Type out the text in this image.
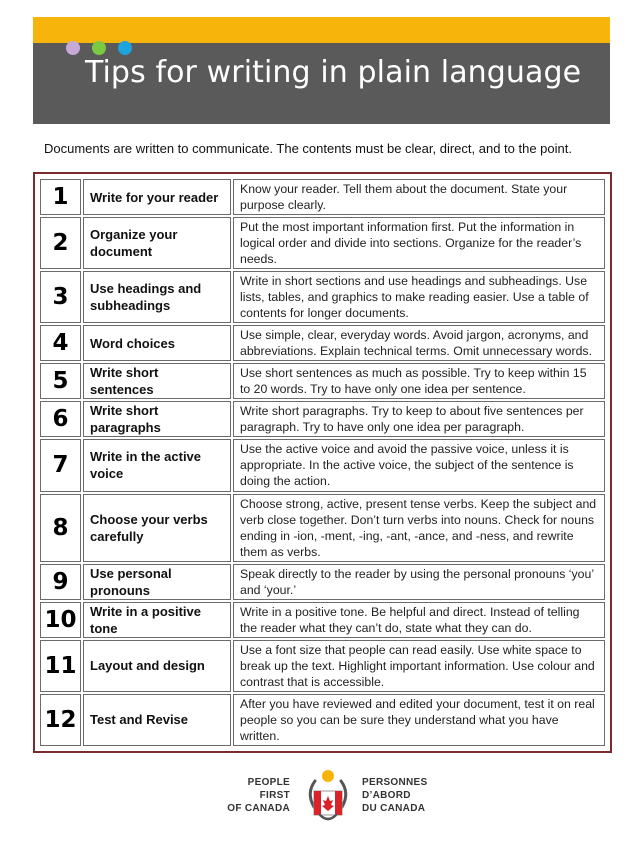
Tips for writing in plain language
Documents are written to communicate. The contents must be clear, direct, and to the point.
1	Write for your reader	Know your reader. Tell them about the document. State your purpose clearly.
2	Organize your document	Put the most important information first. Put the information in logical order and divide into sections. Organize for the reader’s needs.
3	Use headings and subheadings	Write in short sections and use headings and subheadings. Use lists, tables, and graphics to make reading easier. Use a table of contents for longer documents.
4	Word choices	Use simple, clear, everyday words. Avoid jargon, acronyms, and abbreviations. Explain technical terms. Omit unnecessary words.
5	Write short sentences	Use short sentences as much as possible. Try to keep within 15 to 20 words. Try to have only one idea per sentence.
6	Write short paragraphs	Write short paragraphs. Try to keep to about five sentences per paragraph. Try to have only one idea per paragraph.
7	Write in the active voice	Use the active voice and avoid the passive voice, unless it is appropriate. In the active voice, the subject of the sentence is doing the action.
8	Choose your verbs carefully	Choose strong, active, present tense verbs. Keep the subject and verb close together. Don’t turn verbs into nouns. Check for nouns ending in -ion, -ment, -ing, -ant, -ance, and -ness, and rewrite them as verbs.
9	Use personal pronouns	Speak directly to the reader by using the personal pronouns ‘you’ and ‘your.’
10	Write in a positive tone	Write in a positive tone. Be helpful and direct. Instead of telling the reader what they can’t do, state what they can do.
11	Layout and design	Use a font size that people can read easily. Use white space to break up the text. Highlight important information. Use colour and contrast that is accessible.
12	Test and Revise	After you have reviewed and edited your document, test it on real people so you can be sure they understand what you have written.
PEOPLE
FIRST
OF CANADA
PERSONNES
D’ABORD
DU CANADA
